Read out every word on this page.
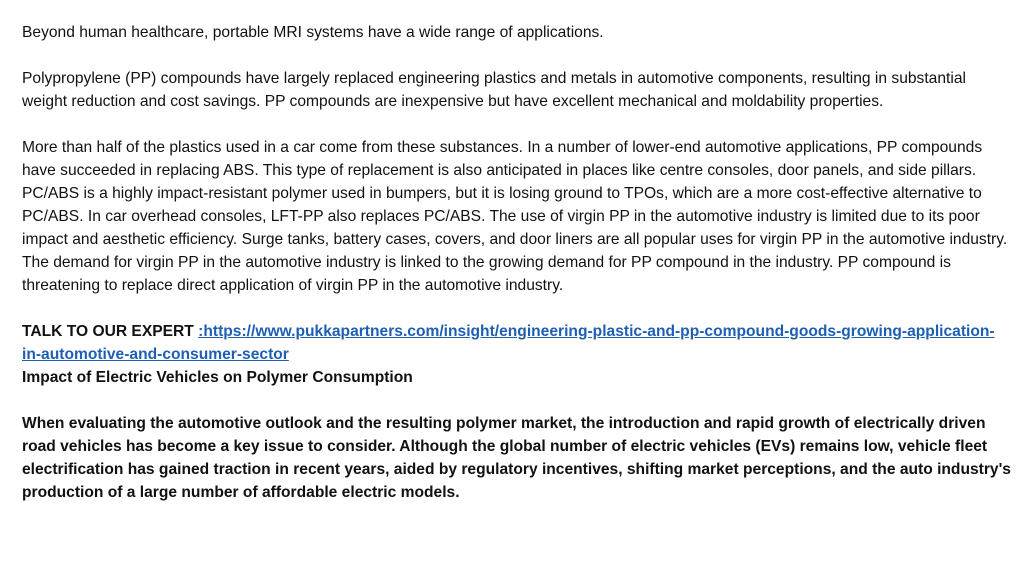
Beyond human healthcare, portable MRI systems have a wide range of applications.

Polypropylene (PP) compounds have largely replaced engineering plastics and metals in automotive components, resulting in substantial weight reduction and cost savings. PP compounds are inexpensive but have excellent mechanical and moldability properties.

More than half of the plastics used in a car come from these substances. In a number of lower-end automotive applications, PP compounds have succeeded in replacing ABS. This type of replacement is also anticipated in places like centre consoles, door panels, and side pillars. PC/ABS is a highly impact-resistant polymer used in bumpers, but it is losing ground to TPOs, which are a more cost-effective alternative to PC/ABS. In car overhead consoles, LFT-PP also replaces PC/ABS. The use of virgin PP in the automotive industry is limited due to its poor impact and aesthetic efficiency. Surge tanks, battery cases, covers, and door liners are all popular uses for virgin PP in the automotive industry. The demand for virgin PP in the automotive industry is linked to the growing demand for PP compound in the industry. PP compound is threatening to replace direct application of virgin PP in the automotive industry.

TALK TO OUR EXPERT :https://www.pukkapartners.com/insight/engineering-plastic-and-pp-compound-goods-growing-application-in-automotive-and-consumer-sector

Impact of Electric Vehicles on Polymer Consumption

When evaluating the automotive outlook and the resulting polymer market, the introduction and rapid growth of electrically driven road vehicles has become a key issue to consider. Although the global number of electric vehicles (EVs) remains low, vehicle fleet electrification has gained traction in recent years, aided by regulatory incentives, shifting market perceptions, and the auto industry's production of a large number of affordable electric models.
